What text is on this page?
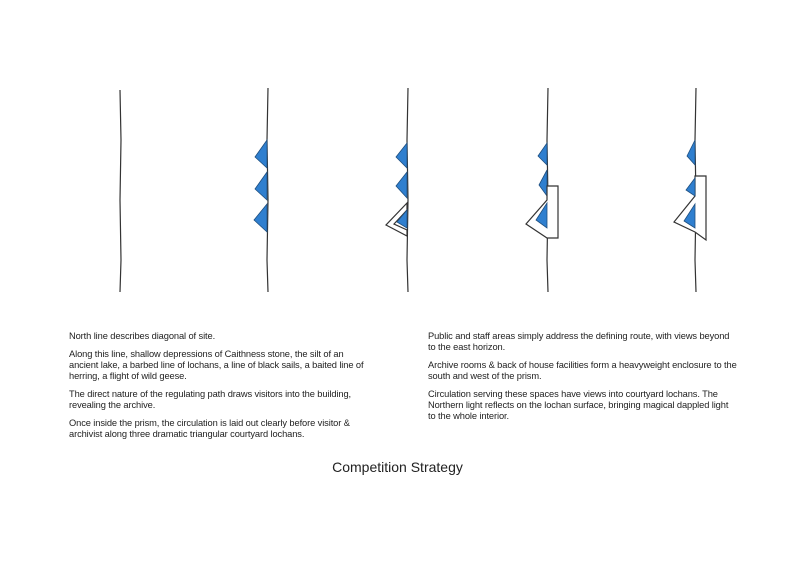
North line describes diagonal of site.

Along this line, shallow depressions of Caithness stone, the silt of an ancient lake, a barbed line of lochans, a line of black sails, a baited line of herring, a flight of wild geese.

The direct nature of the regulating path draws visitors into the building, revealing the archive.

Once inside the prism, the circulation is laid out clearly before visitor & archivist along three dramatic triangular courtyard lochans.

Public and staff areas simply address the defining route, with views beyond to the east horizon.

Archive rooms & back of house facilities form a heavyweight enclosure to the south and west of the prism.

Circulation serving these spaces have views into courtyard lochans. The Northern light reflects on the lochan surface, bringing magical dappled light to the whole interior.

Competition Strategy
